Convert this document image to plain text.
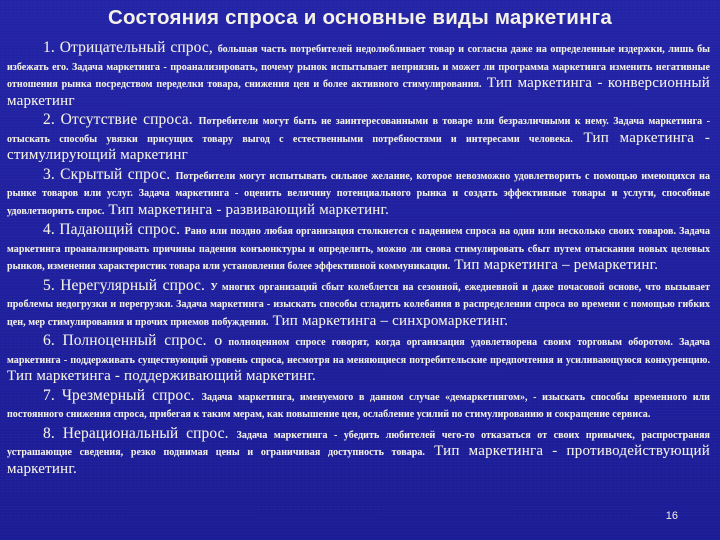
Состояния спроса и основные виды маркетинга

1. Отрицательный спрос, большая часть потребителей недолюбливает товар и согласна даже на определенные издержки, лишь бы избежать его. Задача маркетинга - проанализировать, почему рынок испытывает неприязнь и может ли программа маркетинга изменить негативные отношения рынка посредством переделки товара, снижения цен и более активного стимулирования. Тип маркетинга - конверсионный маркетинг

2. Отсутствие спроса. Потребители могут быть не заинтересованными в товаре или безразличными к нему. Задача маркетинга - отыскать способы увязки присущих товару выгод с естественными потребностями и интересами человека. Тип маркетинга - стимулирующий маркетинг

3. Скрытый спрос. Потребители могут испытывать сильное желание, которое невозможно удовлетворить с помощью имеющихся на рынке товаров или услуг. Задача маркетинга - оценить величину потенциального рынка и создать эффективные товары и услуги, способные удовлетворить спрос. Тип маркетинга - развивающий маркетинг.

4. Падающий спрос. Рано или поздно любая организация столкнется с падением спроса на один или несколько своих товаров. Задача маркетинга проанализировать причины падения конъюнктуры и определить, можно ли снова стимулировать сбыт путем отыскания новых целевых рынков, изменения характеристик товара или установления более эффективной коммуникации. Тип маркетинга – ремаркетинг.

5. Нерегулярный спрос. У многих организаций сбыт колеблется на сезонной, ежедневной и даже почасовой основе, что вызывает проблемы недогрузки и перегрузки. Задача маркетинга - изыскать способы сгладить колебания в распределении спроса во времени с помощью гибких цен, мер стимулирования и прочих приемов побуждения. Тип маркетинга – синхромаркетинг.

6. Полноценный спрос. О полноценном спросе говорят, когда организация удовлетворена своим торговым оборотом. Задача маркетинга - поддерживать существующий уровень спроса, несмотря на меняющиеся потребительские предпочтения и усиливающуюся конкуренцию. Тип маркетинга - поддерживающий маркетинг.

7. Чрезмерный спрос. Задача маркетинга, именуемого в данном случае «демаркетингом», - изыскать способы временного или постоянного снижения спроса, прибегая к таким мерам, как повышение цен, ослабление усилий по стимулированию и сокращение сервиса.

8. Нерациональный спрос. Задача маркетинга - убедить любителей чего-то отказаться от своих привычек, распространяя устрашающие сведения, резко поднимая цены и ограничивая доступность товара. Тип маркетинга - противодействующий маркетинг.

16
